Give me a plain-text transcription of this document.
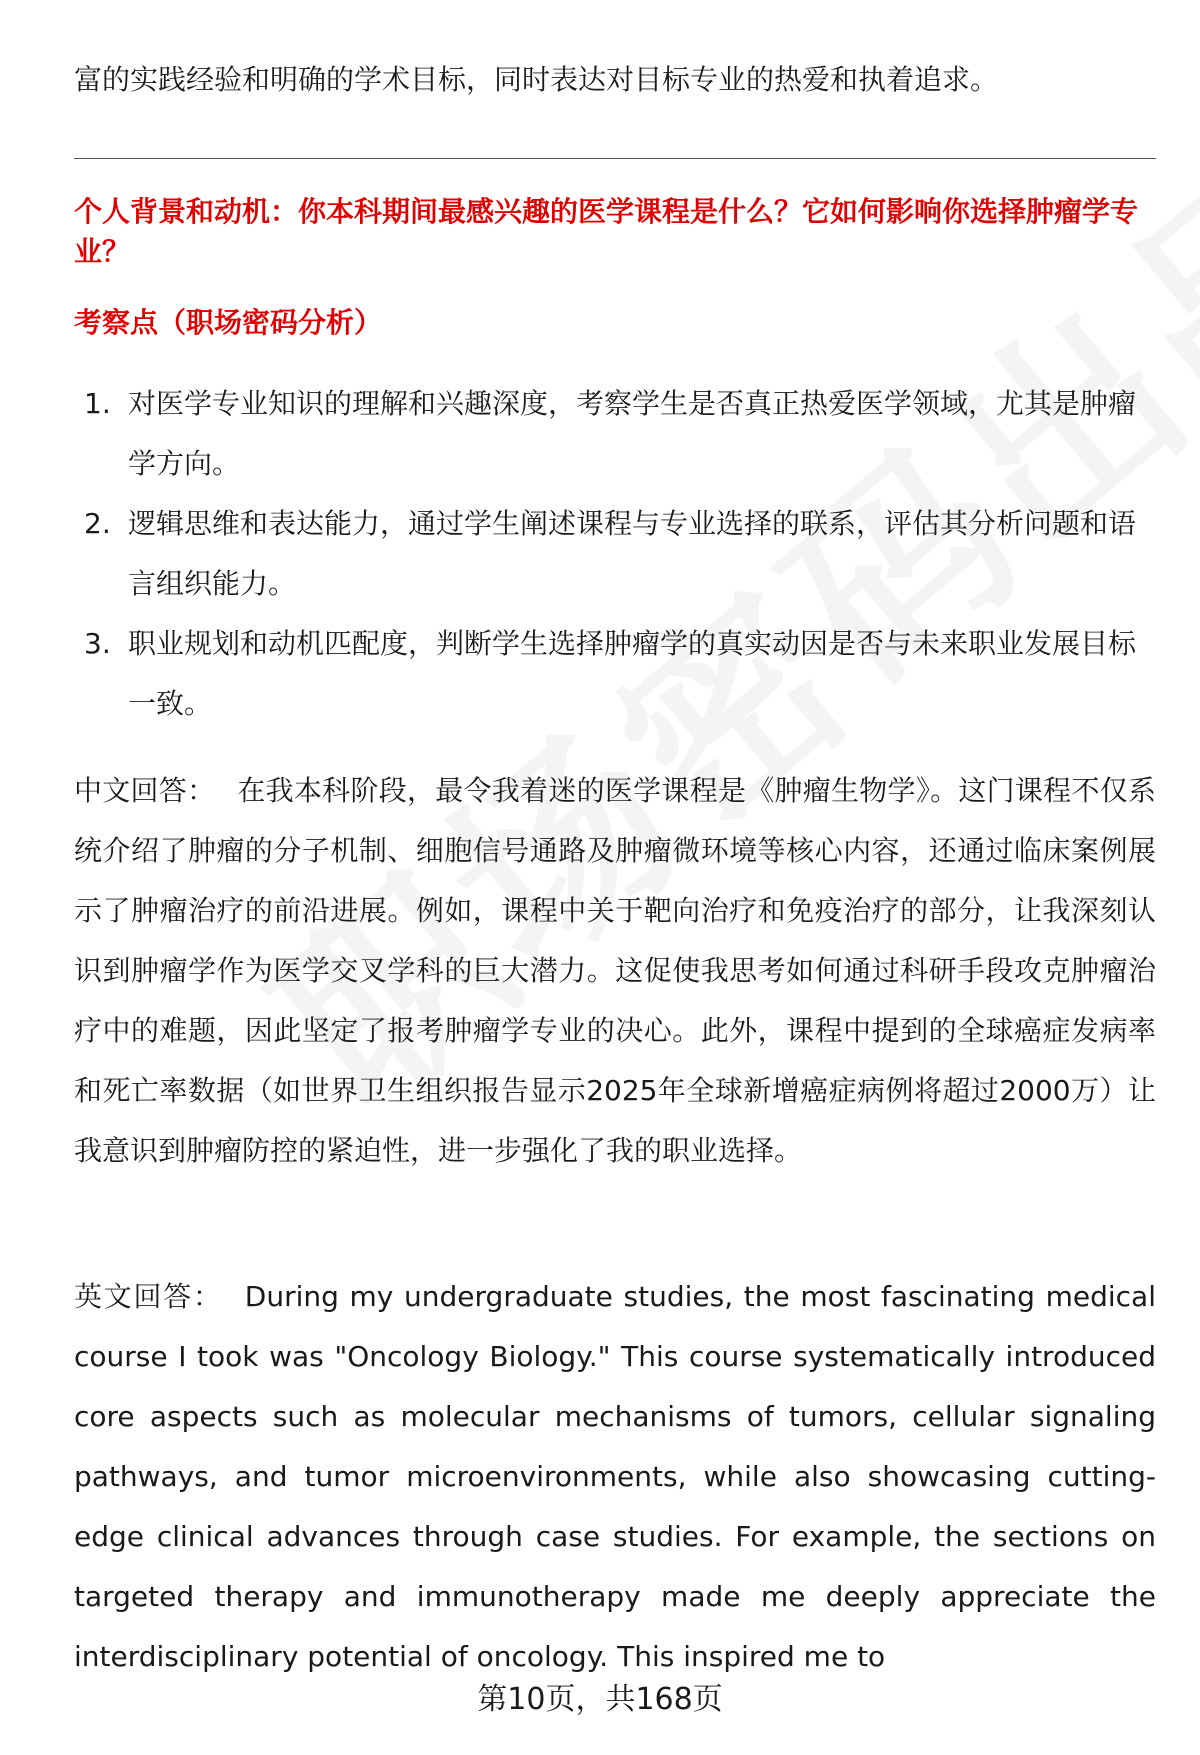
富的实践经验和明确的学术目标，同时表达对目标专业的热爱和执着追求。

个人背景和动机：你本科期间最感兴趣的医学课程是什么？它如何影响你选择肿瘤学专业？

考察点（职场密码分析）

1. 对医学专业知识的理解和兴趣深度，考察学生是否真正热爱医学领域，尤其是肿瘤学方向。
2. 逻辑思维和表达能力，通过学生阐述课程与专业选择的联系，评估其分析问题和语言组织能力。
3. 职业规划和动机匹配度，判断学生选择肿瘤学的真实动因是否与未来职业发展目标一致。

中文回答： 在我本科阶段，最令我着迷的医学课程是《肿瘤生物学》。这门课程不仅系统介绍了肿瘤的分子机制、细胞信号通路及肿瘤微环境等核心内容，还通过临床案例展示了肿瘤治疗的前沿进展。例如，课程中关于靶向治疗和免疫治疗的部分，让我深刻认识到肿瘤学作为医学交叉学科的巨大潜力。这促使我思考如何通过科研手段攻克肿瘤治疗中的难题，因此坚定了报考肿瘤学专业的决心。此外，课程中提到的全球癌症发病率和死亡率数据（如世界卫生组织报告显示2025年全球新增癌症病例将超过2000万）让我意识到肿瘤防控的紧迫性，进一步强化了我的职业选择。

英文回答： During my undergraduate studies, the most fascinating medical course I took was "Oncology Biology." This course systematically introduced core aspects such as molecular mechanisms of tumors, cellular signaling pathways, and tumor microenvironments, while also showcasing cutting-edge clinical advances through case studies. For example, the sections on targeted therapy and immunotherapy made me deeply appreciate the interdisciplinary potential of oncology. This inspired me to

第10页，共168页
